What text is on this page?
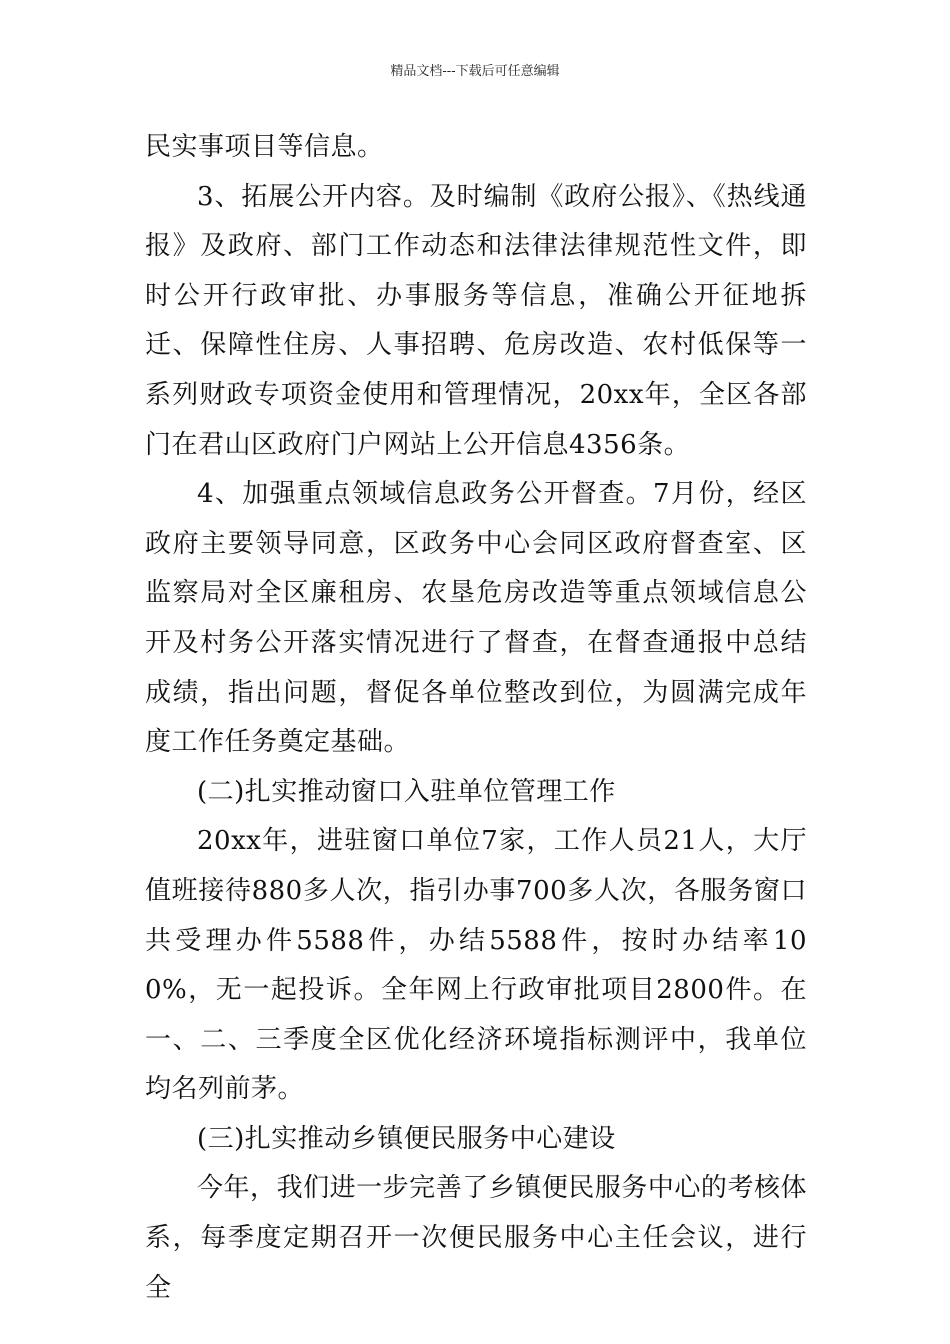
精品文档---下载后可任意编辑

民实事项目等信息。

3、拓展公开内容。及时编制《政府公报》、《热线通报》及政府、部门工作动态和法律法律规范性文件，即时公开行政审批、办事服务等信息，准确公开征地拆迁、保障性住房、人事招聘、危房改造、农村低保等一系列财政专项资金使用和管理情况，20xx年，全区各部门在君山区政府门户网站上公开信息4356条。

4、加强重点领域信息政务公开督查。7月份，经区政府主要领导同意，区政务中心会同区政府督查室、区监察局对全区廉租房、农垦危房改造等重点领域信息公开及村务公开落实情况进行了督查，在督查通报中总结成绩，指出问题，督促各单位整改到位，为圆满完成年度工作任务奠定基础。

(二)扎实推动窗口入驻单位管理工作

20xx年，进驻窗口单位7家，工作人员21人，大厅值班接待880多人次，指引办事700多人次，各服务窗口共受理办件5588件，办结5588件，按时办结率100%，无一起投诉。全年网上行政审批项目2800件。在一、二、三季度全区优化经济环境指标测评中，我单位均名列前茅。

(三)扎实推动乡镇便民服务中心建设

今年，我们进一步完善了乡镇便民服务中心的考核体系，每季度定期召开一次便民服务中心主任会议，进行全
